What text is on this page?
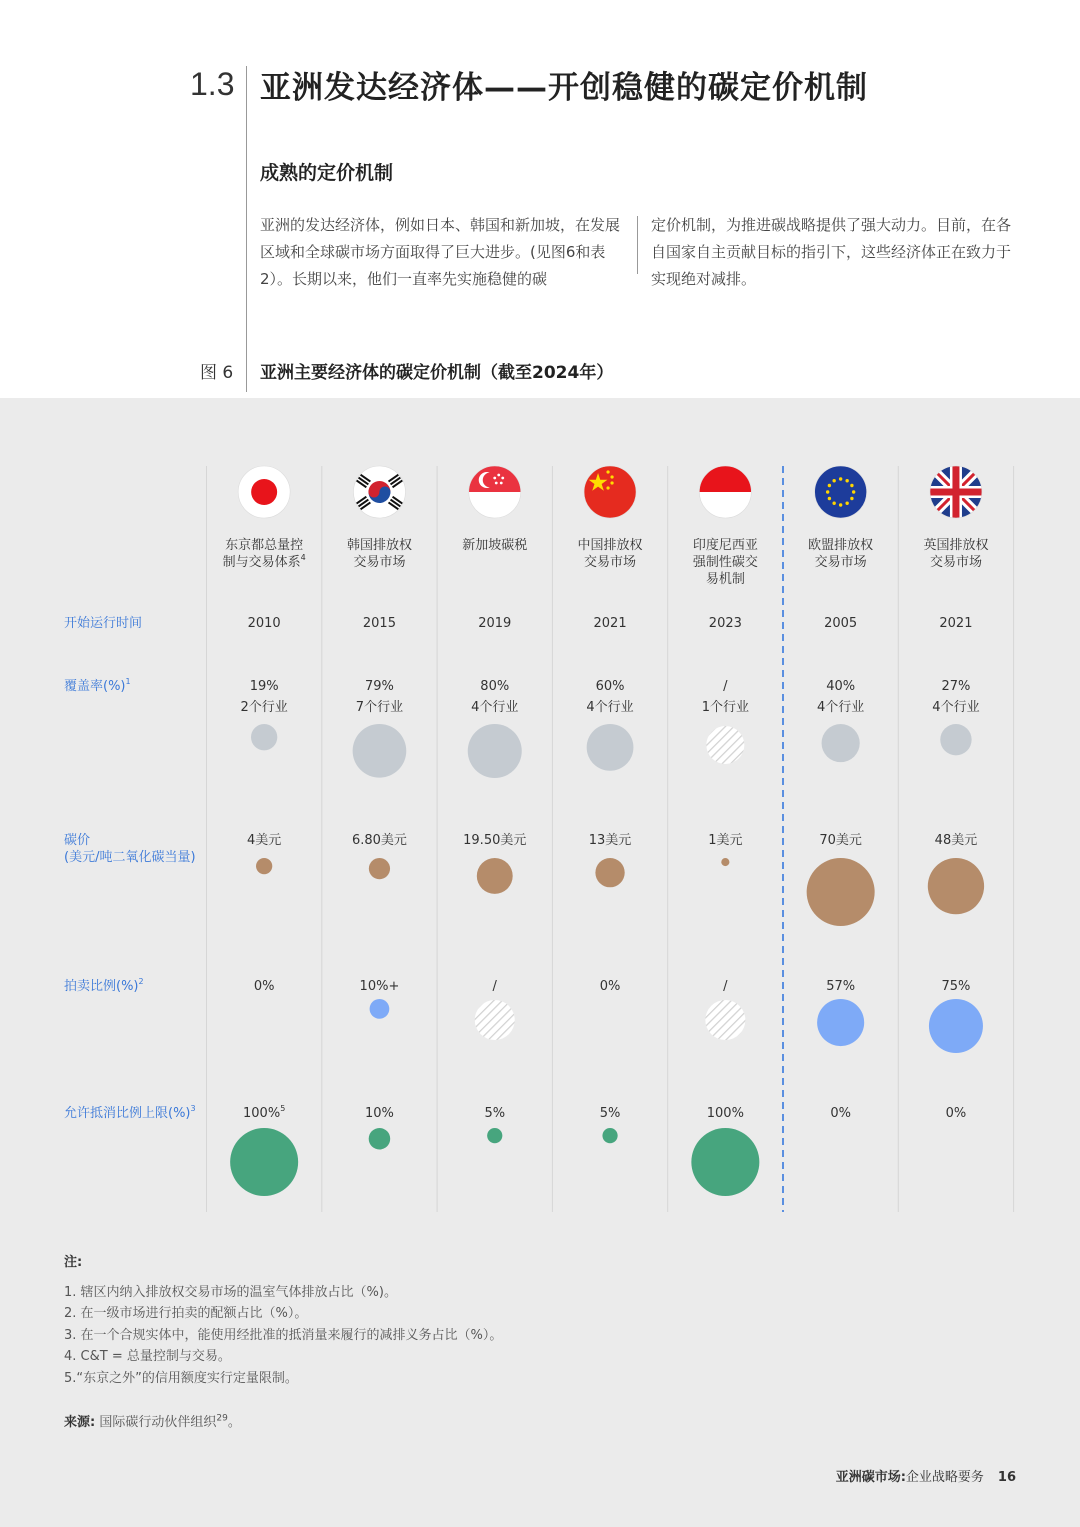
1.3 亚洲发达经济体——开创稳健的碳定价机制
成熟的定价机制
亚洲的发达经济体，例如日本、韩国和新加坡，在发展区域和全球碳市场方面取得了巨大进步。(见图6和表2）。长期以来，他们一直率先实施稳健的碳
定价机制，为推进碳战略提供了强大动力。目前，在各自国家自主贡献目标的指引下，这些经济体正在致力于实现绝对减排。
图 6 亚洲主要经济体的碳定价机制（截至2024年）
开始运行时间
覆盖率(%)$^1$
碳价
(美元/吨二氧化碳当量)
拍卖比例(%)$^2$
允许抵消比例上限(%)$^3$
东京都总量控
制与交易体系$^4$
2010
19%
2个行业
4美元
0%
100%$^5$
韩国排放权
交易市场
2015
79%
7个行业
6.80美元
10%+
10%
新加坡碳税
2019
80%
4个行业
19.50美元
/
5%
中国排放权
交易市场
2021
60%
4个行业
13美元
0%
5%
印度尼西亚
强制性碳交
易机制
2023
/
1个行业
1美元
/
100%
欧盟排放权
交易市场
2005
40%
4个行业
70美元
57%
0%
英国排放权
交易市场
2021
27%
4个行业
48美元
75%
0%
注:
1. 辖区内纳入排放权交易市场的温室气体排放占比（%)。
2. 在一级市场进行拍卖的配额占比（%）。
3. 在一个合规实体中，能使用经批准的抵消量来履行的减排义务占比（%）。
4. C&T = 总量控制与交易。
5.“东京之外”的信用额度实行定量限制。
来源: 国际碳行动伙伴组织$^{29}$。
亚洲碳市场:企业战略要务 16
